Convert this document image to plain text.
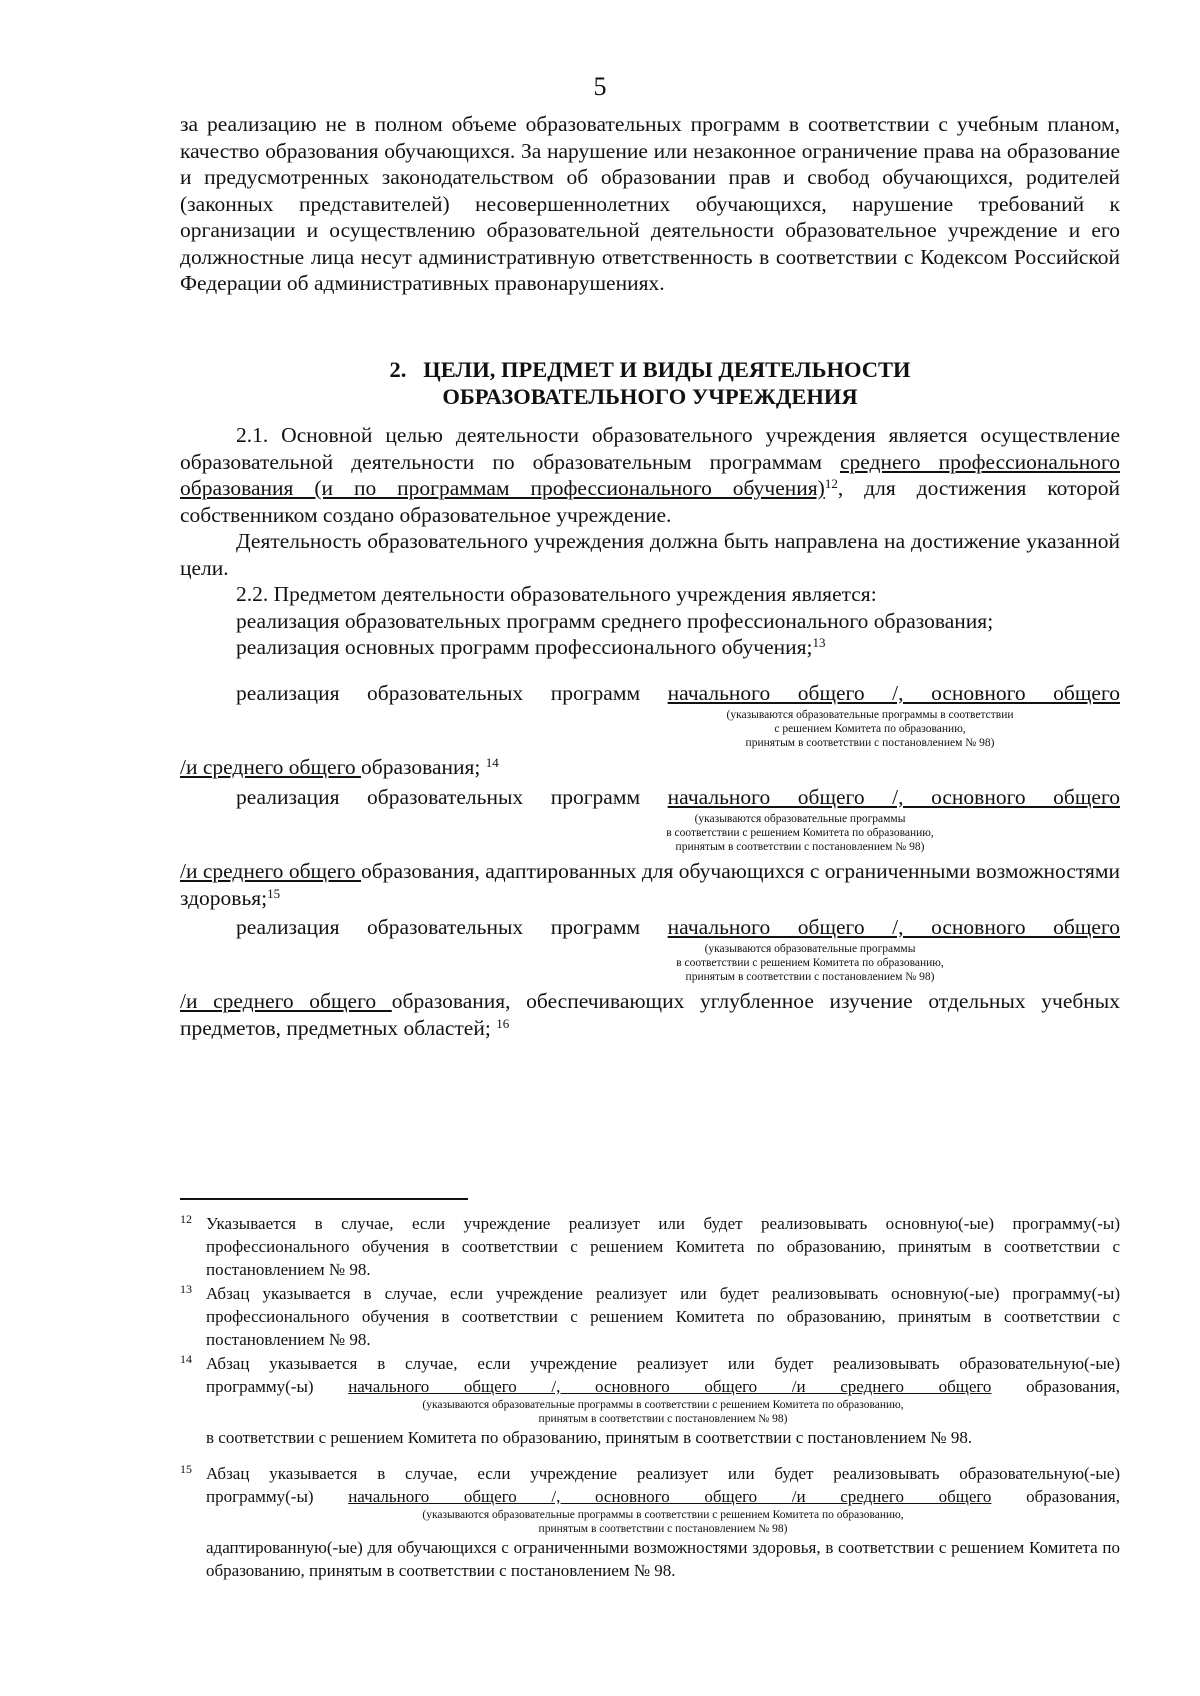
5

за реализацию не в полном объеме образовательных программ в соответствии с учебным планом, качество образования обучающихся. За нарушение или незаконное ограничение права на образование и предусмотренных законодательством об образовании прав и свобод обучающихся, родителей (законных представителей) несовершеннолетних обучающихся, нарушение требований к организации и осуществлению образовательной деятельности образовательное учреждение и его должностные лица несут административную ответственность в соответствии с Кодексом Российской Федерации об административных правонарушениях.

2. ЦЕЛИ, ПРЕДМЕТ И ВИДЫ ДЕЯТЕЛЬНОСТИ
ОБРАЗОВАТЕЛЬНОГО УЧРЕЖДЕНИЯ

2.1. Основной целью деятельности образовательного учреждения является осуществление образовательной деятельности по образовательным программам среднего профессионального образования (и по программам профессионального обучения)$^{12}$, для достижения которой собственником создано образовательное учреждение.

Деятельность образовательного учреждения должна быть направлена на достижение указанной цели.

2.2. Предметом деятельности образовательного учреждения является:

реализация образовательных программ среднего профессионального образования;

реализация основных программ профессионального обучения;$^{13}$

реализация образовательных программ начального общего /, основного общего
(указываются образовательные программы в соответствии
с решением Комитета по образованию,
принятым в соответствии с постановлением № 98)

/и среднего общего образования; $^{14}$

реализация образовательных программ начального общего /, основного общего
(указываются образовательные программы
в соответствии с решением Комитета по образованию,
принятым в соответствии с постановлением № 98)

/и среднего общего образования, адаптированных для обучающихся с ограниченными возможностями здоровья;$^{15}$

реализация образовательных программ начального общего /, основного общего
(указываются образовательные программы
в соответствии с решением Комитета по образованию,
принятым в соответствии с постановлением № 98)

/и среднего общего образования, обеспечивающих углубленное изучение отдельных учебных предметов, предметных областей; $^{16}$

12 Указывается в случае, если учреждение реализует или будет реализовывать основную(-ые) программу(-ы) профессионального обучения в соответствии с решением Комитета по образованию, принятым в соответствии с постановлением № 98.
13 Абзац указывается в случае, если учреждение реализует или будет реализовывать основную(-ые) программу(-ы) профессионального обучения в соответствии с решением Комитета по образованию, принятым в соответствии с постановлением № 98.
14 Абзац указывается в случае, если учреждение реализует или будет реализовывать образовательную(-ые)
программу(-ы) начального общего /, основного общего /и среднего общего образования,
(указываются образовательные программы в соответствии с решением Комитета по образованию,
принятым в соответствии с постановлением № 98)
в соответствии с решением Комитета по образованию, принятым в соответствии с постановлением № 98.
15 Абзац указывается в случае, если учреждение реализует или будет реализовывать образовательную(-ые)
программу(-ы) начального общего /, основного общего /и среднего общего образования,
(указываются образовательные программы в соответствии с решением Комитета по образованию,
принятым в соответствии с постановлением № 98)
адаптированную(-ые) для обучающихся с ограниченными возможностями здоровья, в соответствии с решением Комитета по образованию, принятым в соответствии с постановлением № 98.
